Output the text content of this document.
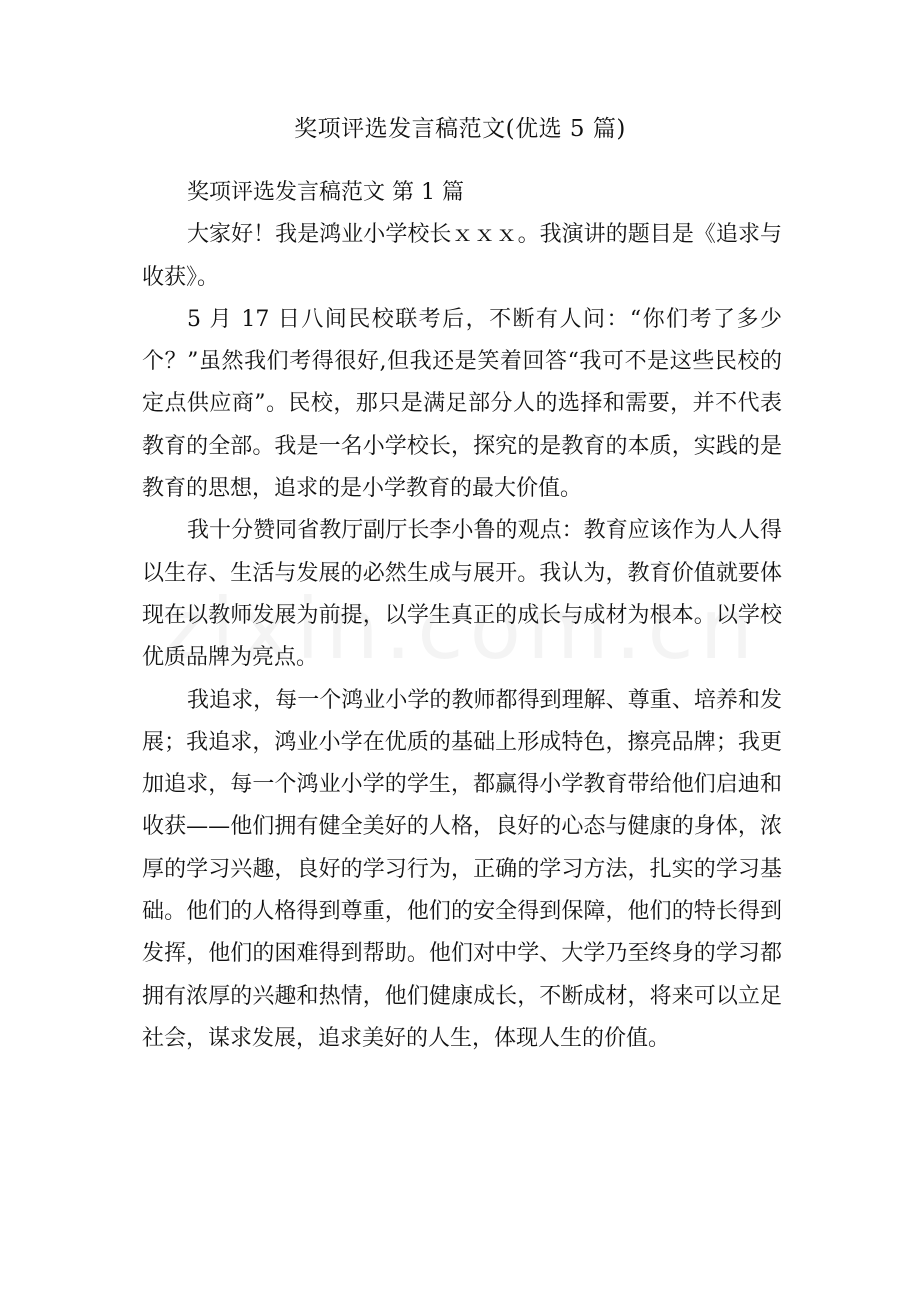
奖项评选发言稿范文(优选 5 篇)

奖项评选发言稿范文 第 1 篇

大家好！我是鸿业小学校长ｘｘｘ。我演讲的题目是《追求与收获》。

5 月 17 日八间民校联考后，不断有人问：“你们考了多少个？”虽然我们考得很好,但我还是笑着回答“我可不是这些民校的定点供应商”。民校，那只是满足部分人的选择和需要，并不代表教育的全部。我是一名小学校长，探究的是教育的本质，实践的是教育的思想，追求的是小学教育的最大价值。

我十分赞同省教厅副厅长李小鲁的观点：教育应该作为人人得以生存、生活与发展的必然生成与展开。我认为，教育价值就要体现在以教师发展为前提，以学生真正的成长与成材为根本。以学校优质品牌为亮点。

我追求，每一个鸿业小学的教师都得到理解、尊重、培养和发展；我追求，鸿业小学在优质的基础上形成特色，擦亮品牌；我更加追求，每一个鸿业小学的学生，都赢得小学教育带给他们启迪和收获——他们拥有健全美好的人格，良好的心态与健康的身体，浓厚的学习兴趣，良好的学习行为，正确的学习方法，扎实的学习基础。他们的人格得到尊重，他们的安全得到保障，他们的特长得到发挥，他们的困难得到帮助。他们对中学、大学乃至终身的学习都拥有浓厚的兴趣和热情，他们健康成长，不断成材，将来可以立足社会，谋求发展，追求美好的人生，体现人生的价值。
